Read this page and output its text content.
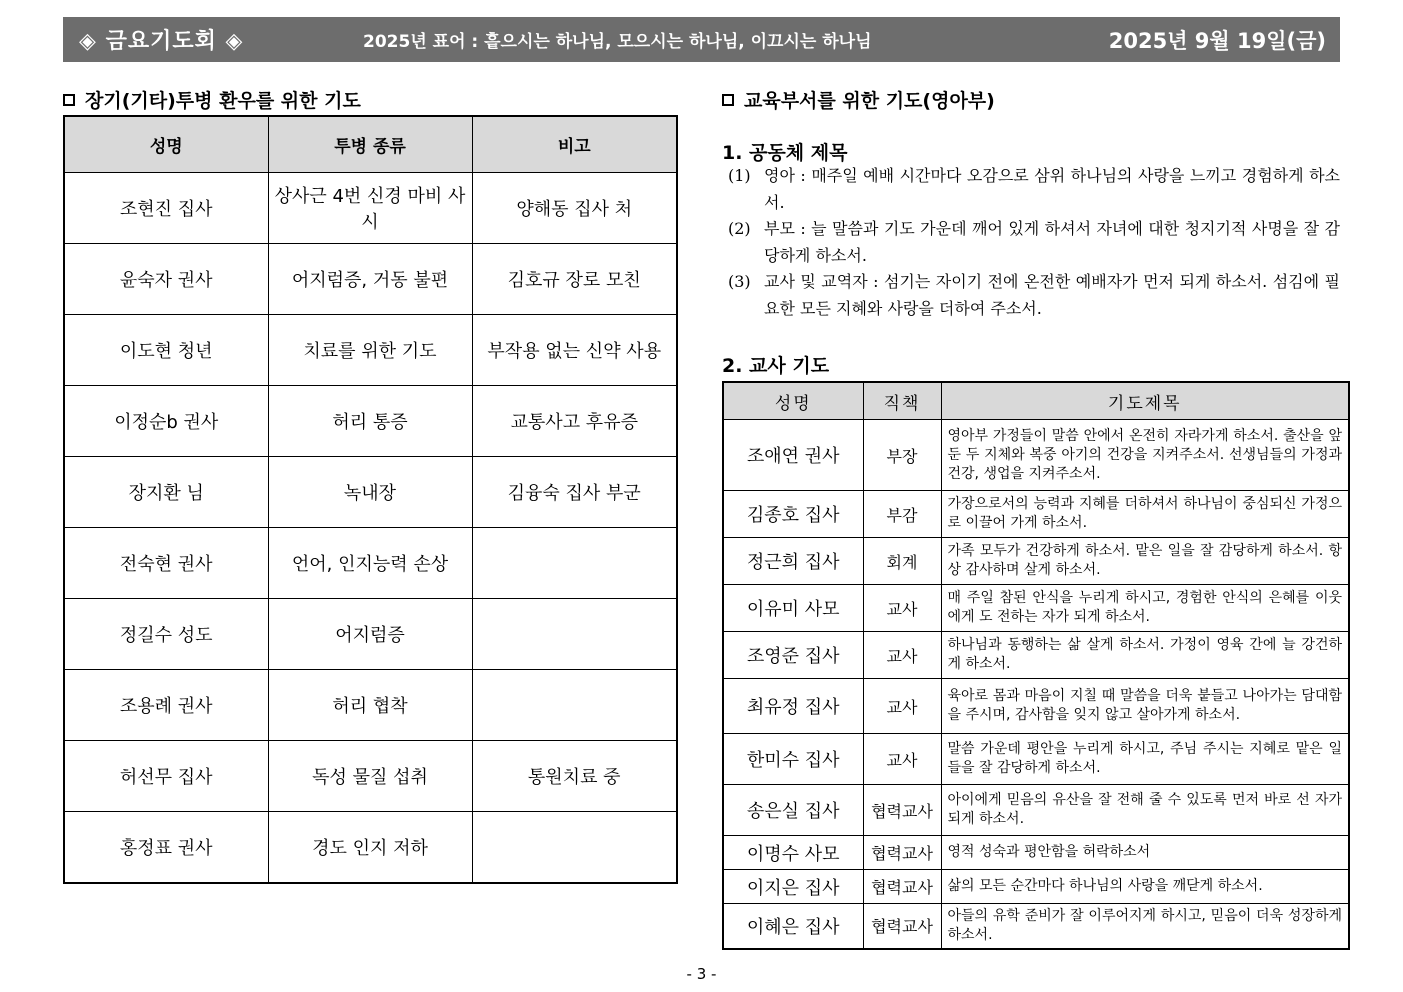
◈ 금요기도회 ◈	2025년 표어 : 흩으시는 하나님, 모으시는 하나님, 이끄시는 하나님	2025년 9월 19일(금)
장기(기타)투병 환우를 위한 기도
성명	투병 종류	비고
조현진 집사	상사근 4번 신경 마비 사시	양해동 집사 처
윤숙자 권사	어지럼증, 거동 불편	김호규 장로 모친
이도현 청년	치료를 위한 기도	부작용 없는 신약 사용
이정순b 권사	허리 통증	교통사고 후유증
장지환 님	녹내장	김융숙 집사 부군
전숙현 권사	언어, 인지능력 손상	
정길수 성도	어지럼증	
조용례 권사	허리 협착	
허선무 집사	독성 물질 섭취	통원치료 중
홍정표 권사	경도 인지 저하	
교육부서를 위한 기도(영아부)
1. 공동체 제목
(1) 영아 : 매주일 예배 시간마다 오감으로 삼위 하나님의 사랑을 느끼고 경험하게 하소서.
(2) 부모 : 늘 말씀과 기도 가운데 깨어 있게 하셔서 자녀에 대한 청지기적 사명을 잘 감당하게 하소서.
(3) 교사 및 교역자 : 섬기는 자이기 전에 온전한 예배자가 먼저 되게 하소서. 섬김에 필요한 모든 지혜와 사랑을 더하여 주소서.
2. 교사 기도
성명	직책	기도제목
조애연 권사	부장	영아부 가정들이 말씀 안에서 온전히 자라가게 하소서. 출산을 앞둔 두 지체와 복중 아기의 건강을 지켜주소서. 선생님들의 가정과 건강, 생업을 지켜주소서.
김종호 집사	부감	가장으로서의 능력과 지혜를 더하셔서 하나님이 중심되신 가정으로 이끌어 가게 하소서.
정근희 집사	회계	가족 모두가 건강하게 하소서. 맡은 일을 잘 감당하게 하소서. 항상 감사하며 살게 하소서.
이유미 사모	교사	매 주일 참된 안식을 누리게 하시고, 경험한 안식의 은혜를 이웃에게 도 전하는 자가 되게 하소서.
조영준 집사	교사	하나님과 동행하는 삶 살게 하소서. 가정이 영육 간에 늘 강건하게 하소서.
최유정 집사	교사	육아로 몸과 마음이 지칠 때 말씀을 더욱 붙들고 나아가는 담대함을 주시며, 감사함을 잊지 않고 살아가게 하소서.
한미수 집사	교사	말씀 가운데 평안을 누리게 하시고, 주님 주시는 지혜로 맡은 일들을 잘 감당하게 하소서.
송은실 집사	협력교사	아이에게 믿음의 유산을 잘 전해 줄 수 있도록 먼저 바로 선 자가 되게 하소서.
이명수 사모	협력교사	영적 성숙과 평안함을 허락하소서
이지은 집사	협력교사	삶의 모든 순간마다 하나님의 사랑을 깨닫게 하소서.
이혜은 집사	협력교사	아들의 유학 준비가 잘 이루어지게 하시고, 믿음이 더욱 성장하게 하소서.
- 3 -
